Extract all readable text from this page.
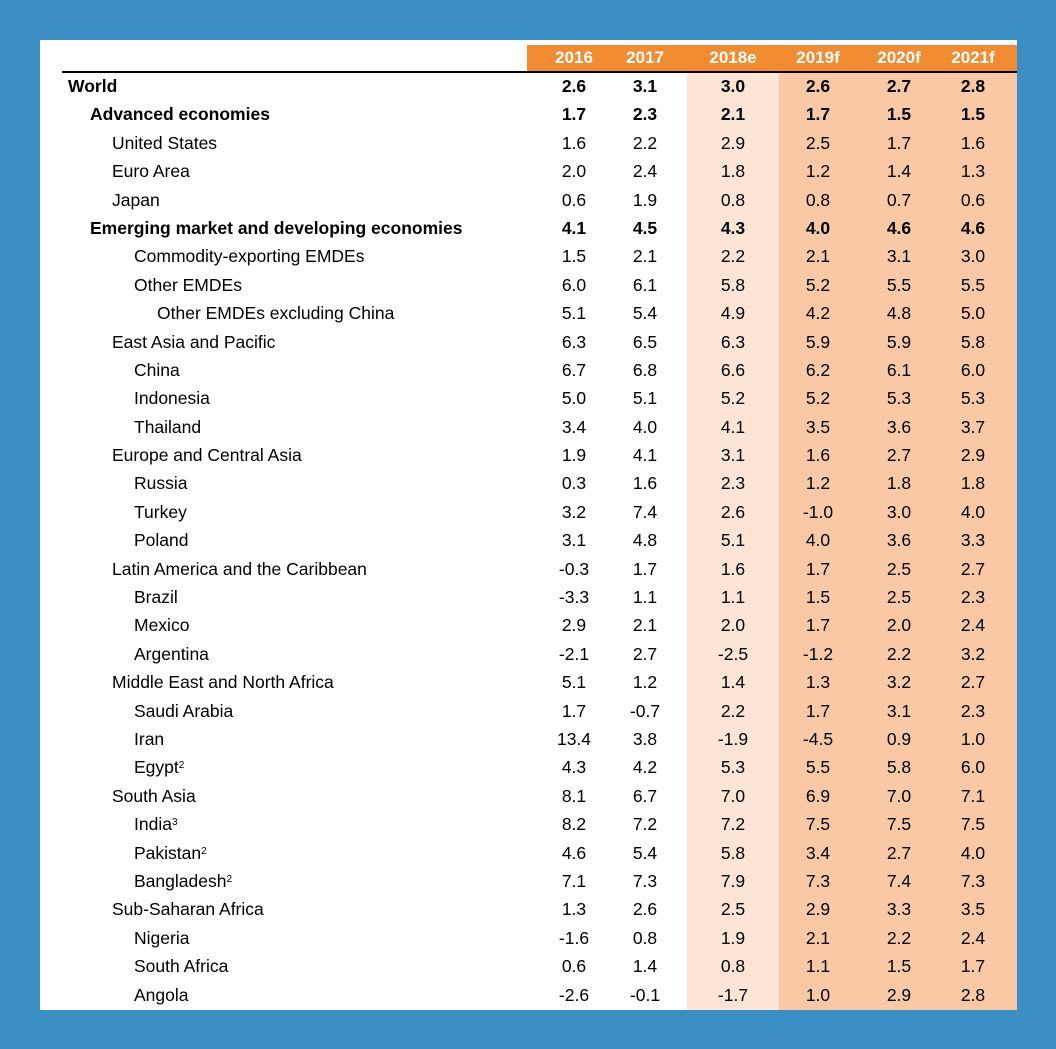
2016	2017	2018e	2019f	2020f	2021f
World	2.6	3.1	3.0	2.6	2.7	2.8
Advanced economies	1.7	2.3	2.1	1.7	1.5	1.5
United States	1.6	2.2	2.9	2.5	1.7	1.6
Euro Area	2.0	2.4	1.8	1.2	1.4	1.3
Japan	0.6	1.9	0.8	0.8	0.7	0.6
Emerging market and developing economies	4.1	4.5	4.3	4.0	4.6	4.6
Commodity-exporting EMDEs	1.5	2.1	2.2	2.1	3.1	3.0
Other EMDEs	6.0	6.1	5.8	5.2	5.5	5.5
Other EMDEs excluding China	5.1	5.4	4.9	4.2	4.8	5.0
East Asia and Pacific	6.3	6.5	6.3	5.9	5.9	5.8
China	6.7	6.8	6.6	6.2	6.1	6.0
Indonesia	5.0	5.1	5.2	5.2	5.3	5.3
Thailand	3.4	4.0	4.1	3.5	3.6	3.7
Europe and Central Asia	1.9	4.1	3.1	1.6	2.7	2.9
Russia	0.3	1.6	2.3	1.2	1.8	1.8
Turkey	3.2	7.4	2.6	-1.0	3.0	4.0
Poland	3.1	4.8	5.1	4.0	3.6	3.3
Latin America and the Caribbean	-0.3	1.7	1.6	1.7	2.5	2.7
Brazil	-3.3	1.1	1.1	1.5	2.5	2.3
Mexico	2.9	2.1	2.0	1.7	2.0	2.4
Argentina	-2.1	2.7	-2.5	-1.2	2.2	3.2
Middle East and North Africa	5.1	1.2	1.4	1.3	3.2	2.7
Saudi Arabia	1.7	-0.7	2.2	1.7	3.1	2.3
Iran	13.4	3.8	-1.9	-4.5	0.9	1.0
Egypt$^2$	4.3	4.2	5.3	5.5	5.8	6.0
South Asia	8.1	6.7	7.0	6.9	7.0	7.1
India$^3$	8.2	7.2	7.2	7.5	7.5	7.5
Pakistan$^2$	4.6	5.4	5.8	3.4	2.7	4.0
Bangladesh$^2$	7.1	7.3	7.9	7.3	7.4	7.3
Sub-Saharan Africa	1.3	2.6	2.5	2.9	3.3	3.5
Nigeria	-1.6	0.8	1.9	2.1	2.2	2.4
South Africa	0.6	1.4	0.8	1.1	1.5	1.7
Angola	-2.6	-0.1	-1.7	1.0	2.9	2.8
